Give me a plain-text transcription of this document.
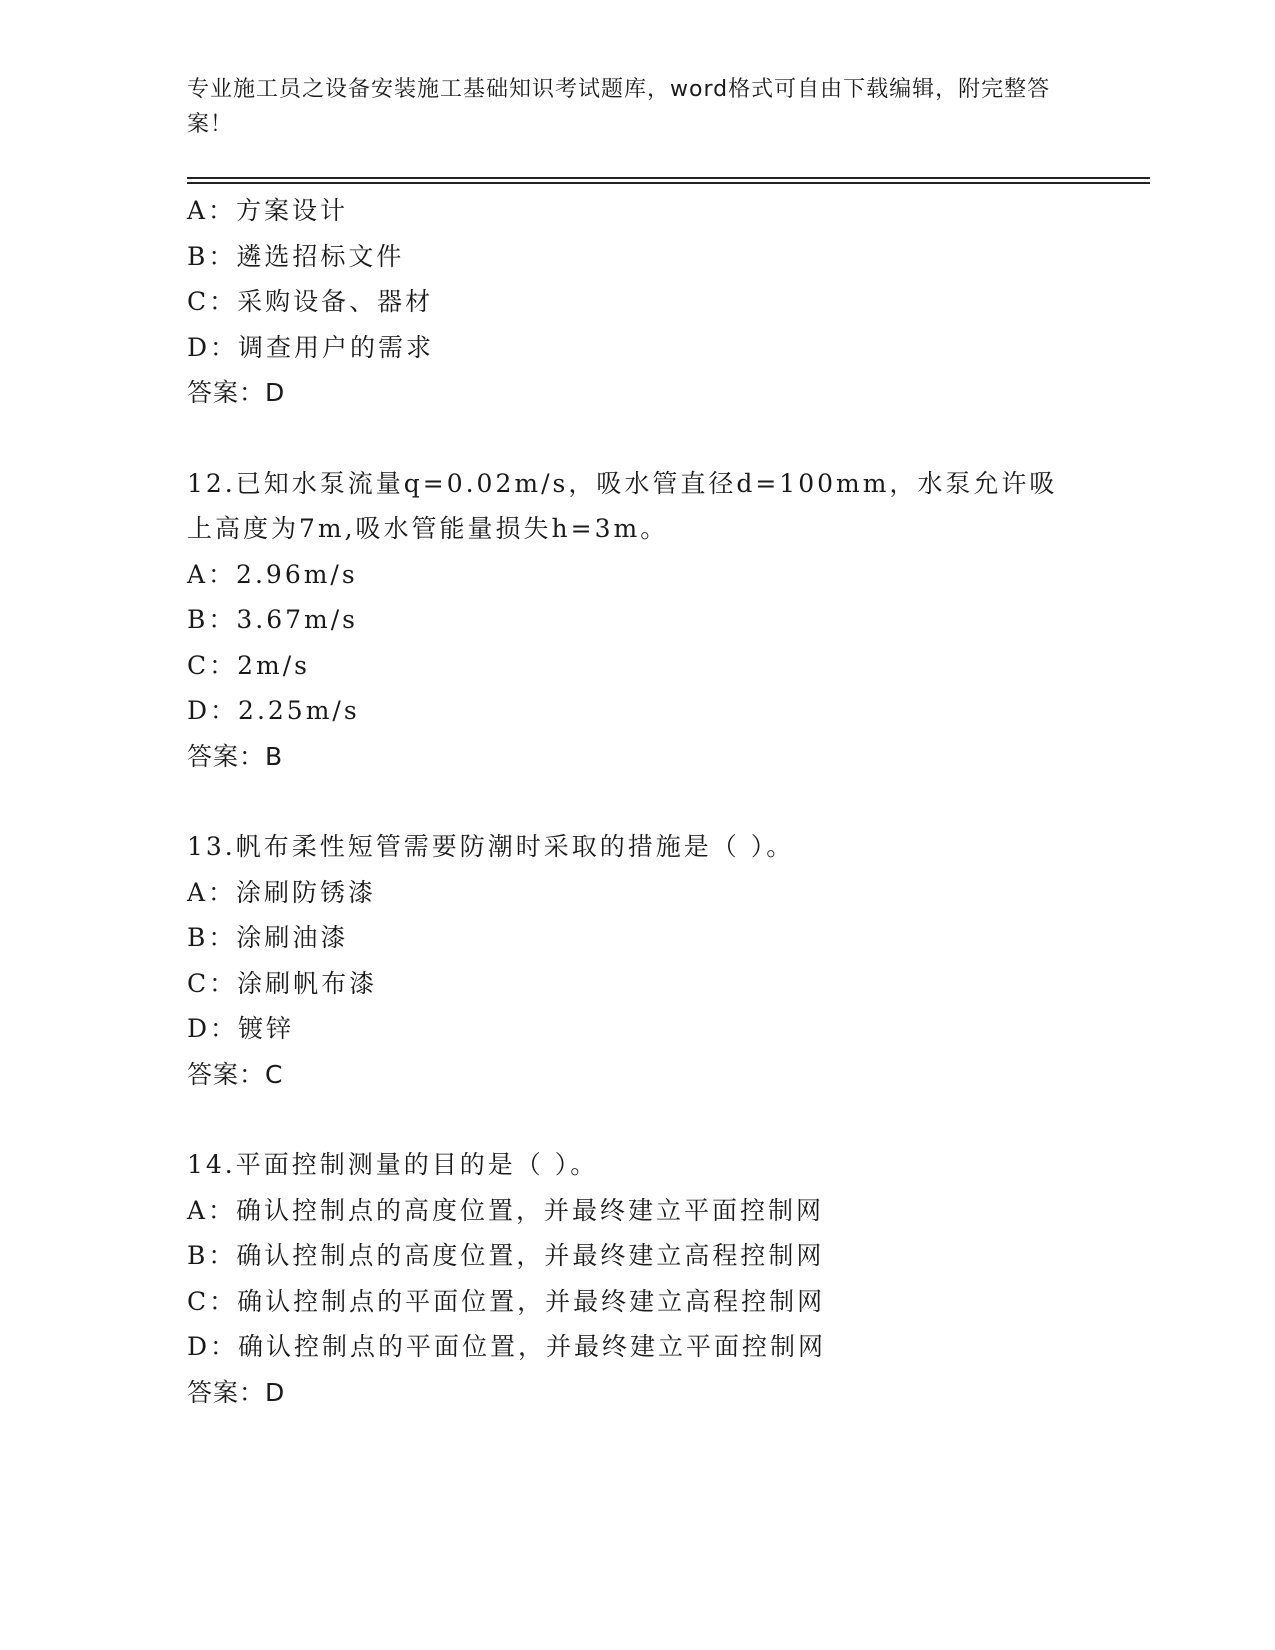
专业施工员之设备安装施工基础知识考试题库，word格式可自由下载编辑，附完整答案！
A：方案设计
B：遴选招标文件
C：采购设备、器材
D：调查用户的需求
答案：D
12.已知水泵流量q=0.02m/s，吸水管直径d=100mm，水泵允许吸上高度为7m,吸水管能量损失h=3m。
A：2.96m/s
B：3.67m/s
C：2m/s
D：2.25m/s
答案：B
13.帆布柔性短管需要防潮时采取的措施是（ ）。
A：涂刷防锈漆
B：涂刷油漆
C：涂刷帆布漆
D：镀锌
答案：C
14.平面控制测量的目的是（ ）。
A：确认控制点的高度位置，并最终建立平面控制网
B：确认控制点的高度位置，并最终建立高程控制网
C：确认控制点的平面位置，并最终建立高程控制网
D：确认控制点的平面位置，并最终建立平面控制网
答案：D
